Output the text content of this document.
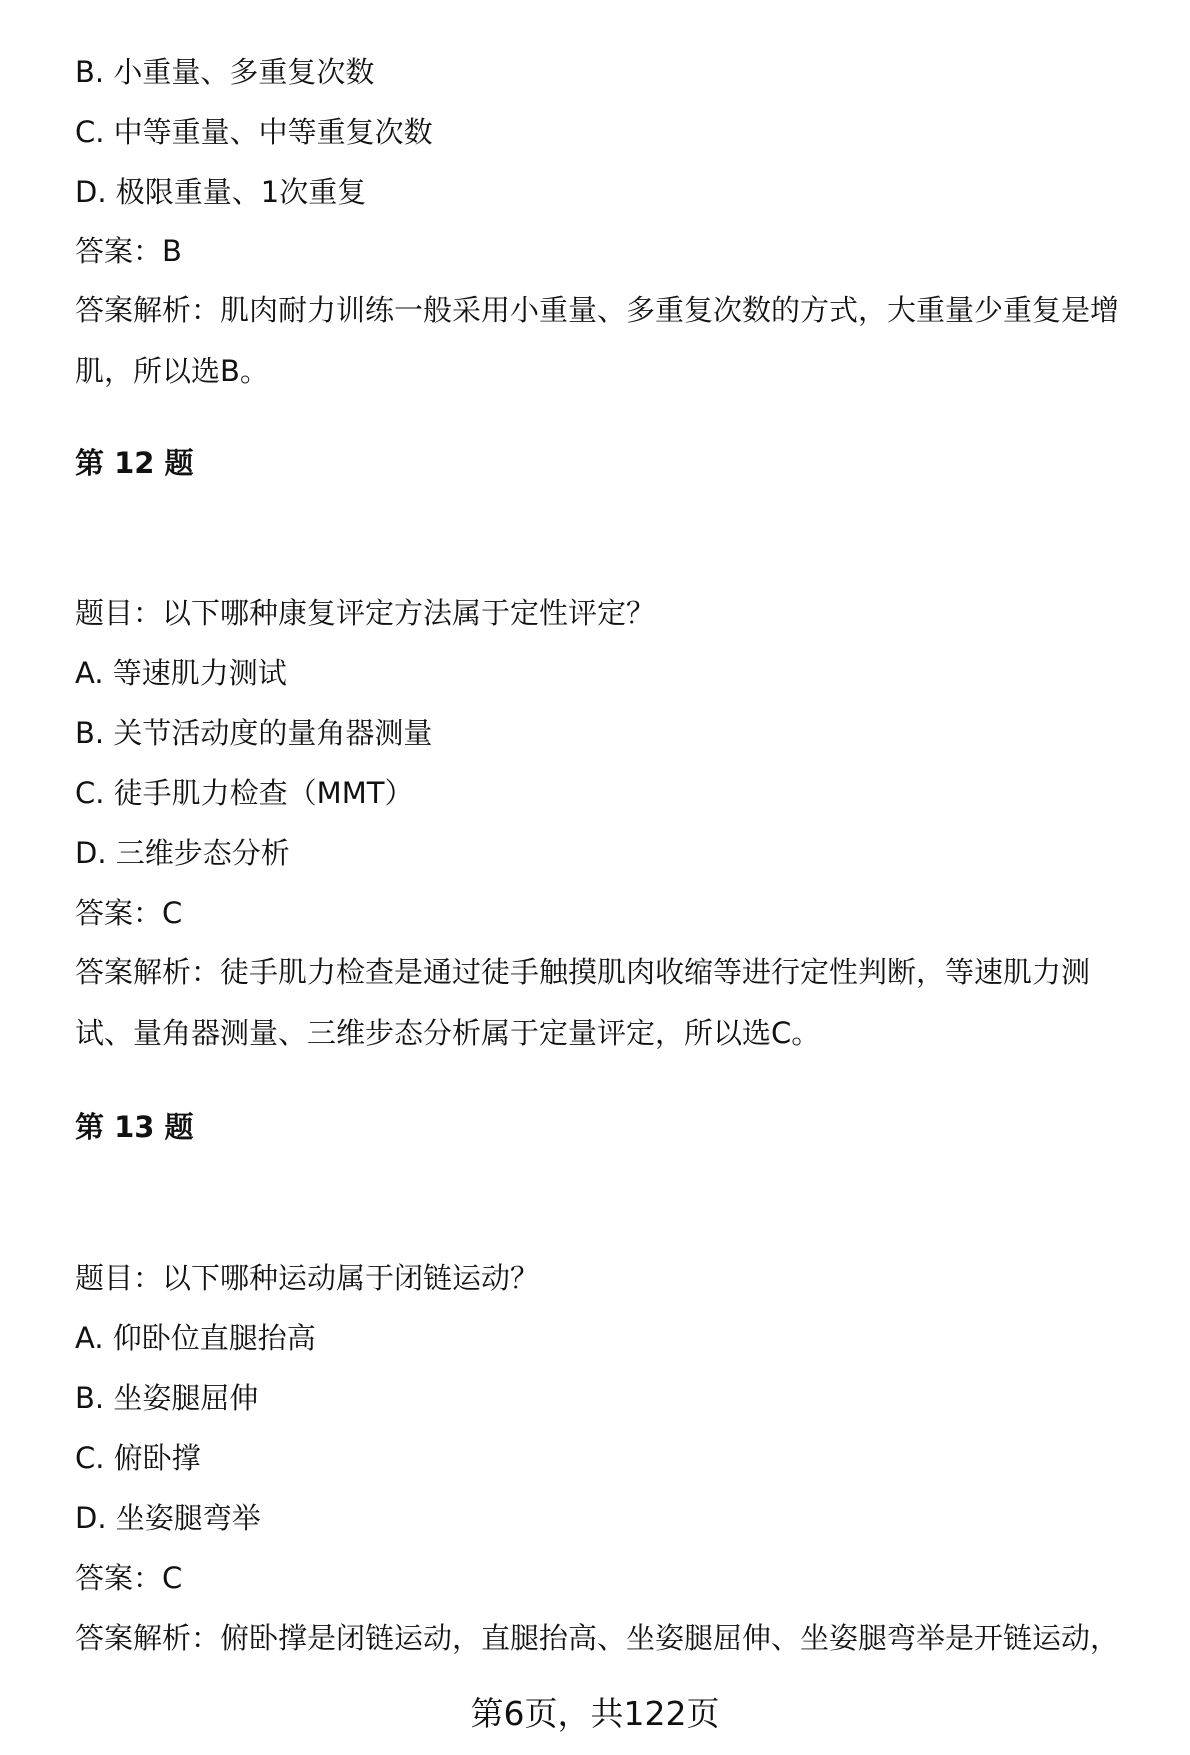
B. 小重量、多重复次数
C. 中等重量、中等重复次数
D. 极限重量、1次重复
答案：B
答案解析：肌肉耐力训练一般采用小重量、多重复次数的方式，大重量少重复是增肌，所以选B。
第 12 题
题目：以下哪种康复评定方法属于定性评定？
A. 等速肌力测试
B. 关节活动度的量角器测量
C. 徒手肌力检查（MMT）
D. 三维步态分析
答案：C
答案解析：徒手肌力检查是通过徒手触摸肌肉收缩等进行定性判断，等速肌力测试、量角器测量、三维步态分析属于定量评定，所以选C。
第 13 题
题目：以下哪种运动属于闭链运动？
A. 仰卧位直腿抬高
B. 坐姿腿屈伸
C. 俯卧撑
D. 坐姿腿弯举
答案：C
答案解析：俯卧撑是闭链运动，直腿抬高、坐姿腿屈伸、坐姿腿弯举是开链运动，
第6页，共122页
